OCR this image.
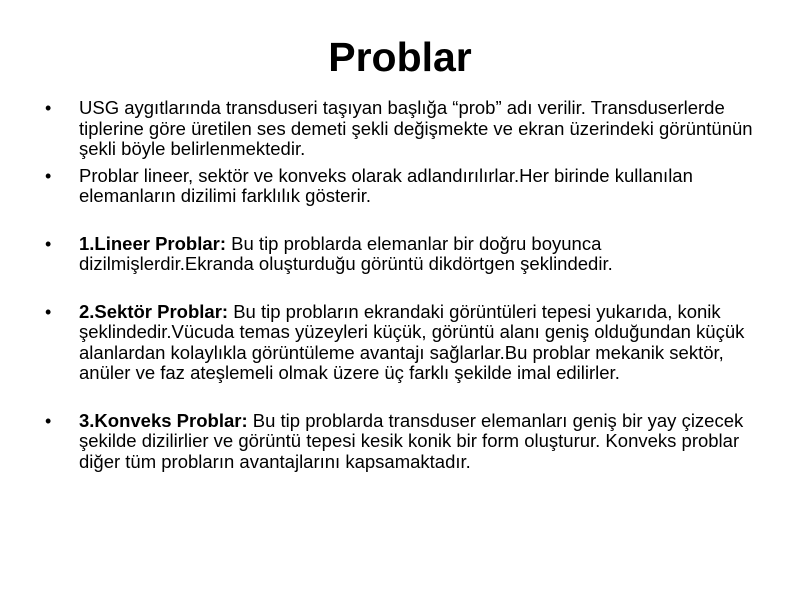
Problar
•	USG aygıtlarında transduseri taşıyan başlığa “prob” adı verilir. Transduserlerde tiplerine göre üretilen ses demeti şekli değişmekte ve ekran üzerindeki görüntünün şekli böyle belirlenmektedir.
•	Problar lineer, sektör ve konveks olarak adlandırılırlar.Her birinde kullanılan elemanların dizilimi farklılık gösterir.
•	1.Lineer Problar: Bu tip problarda elemanlar bir doğru boyunca dizilmişlerdir.Ekranda oluşturduğu görüntü dikdörtgen şeklindedir.
•	2.Sektör Problar: Bu tip probların ekrandaki görüntüleri tepesi yukarıda, konik şeklindedir.Vücuda temas yüzeyleri küçük, görüntü alanı geniş olduğundan küçük alanlardan kolaylıkla görüntüleme avantajı sağlarlar.Bu problar mekanik sektör, anüler ve faz ateşlemeli olmak üzere üç farklı şekilde imal edilirler.
•	3.Konveks Problar: Bu tip problarda transduser elemanları geniş bir yay çizecek şekilde dizilirlier ve görüntü tepesi kesik konik bir form oluşturur. Konveks problar diğer tüm probların avantajlarını kapsamaktadır.
